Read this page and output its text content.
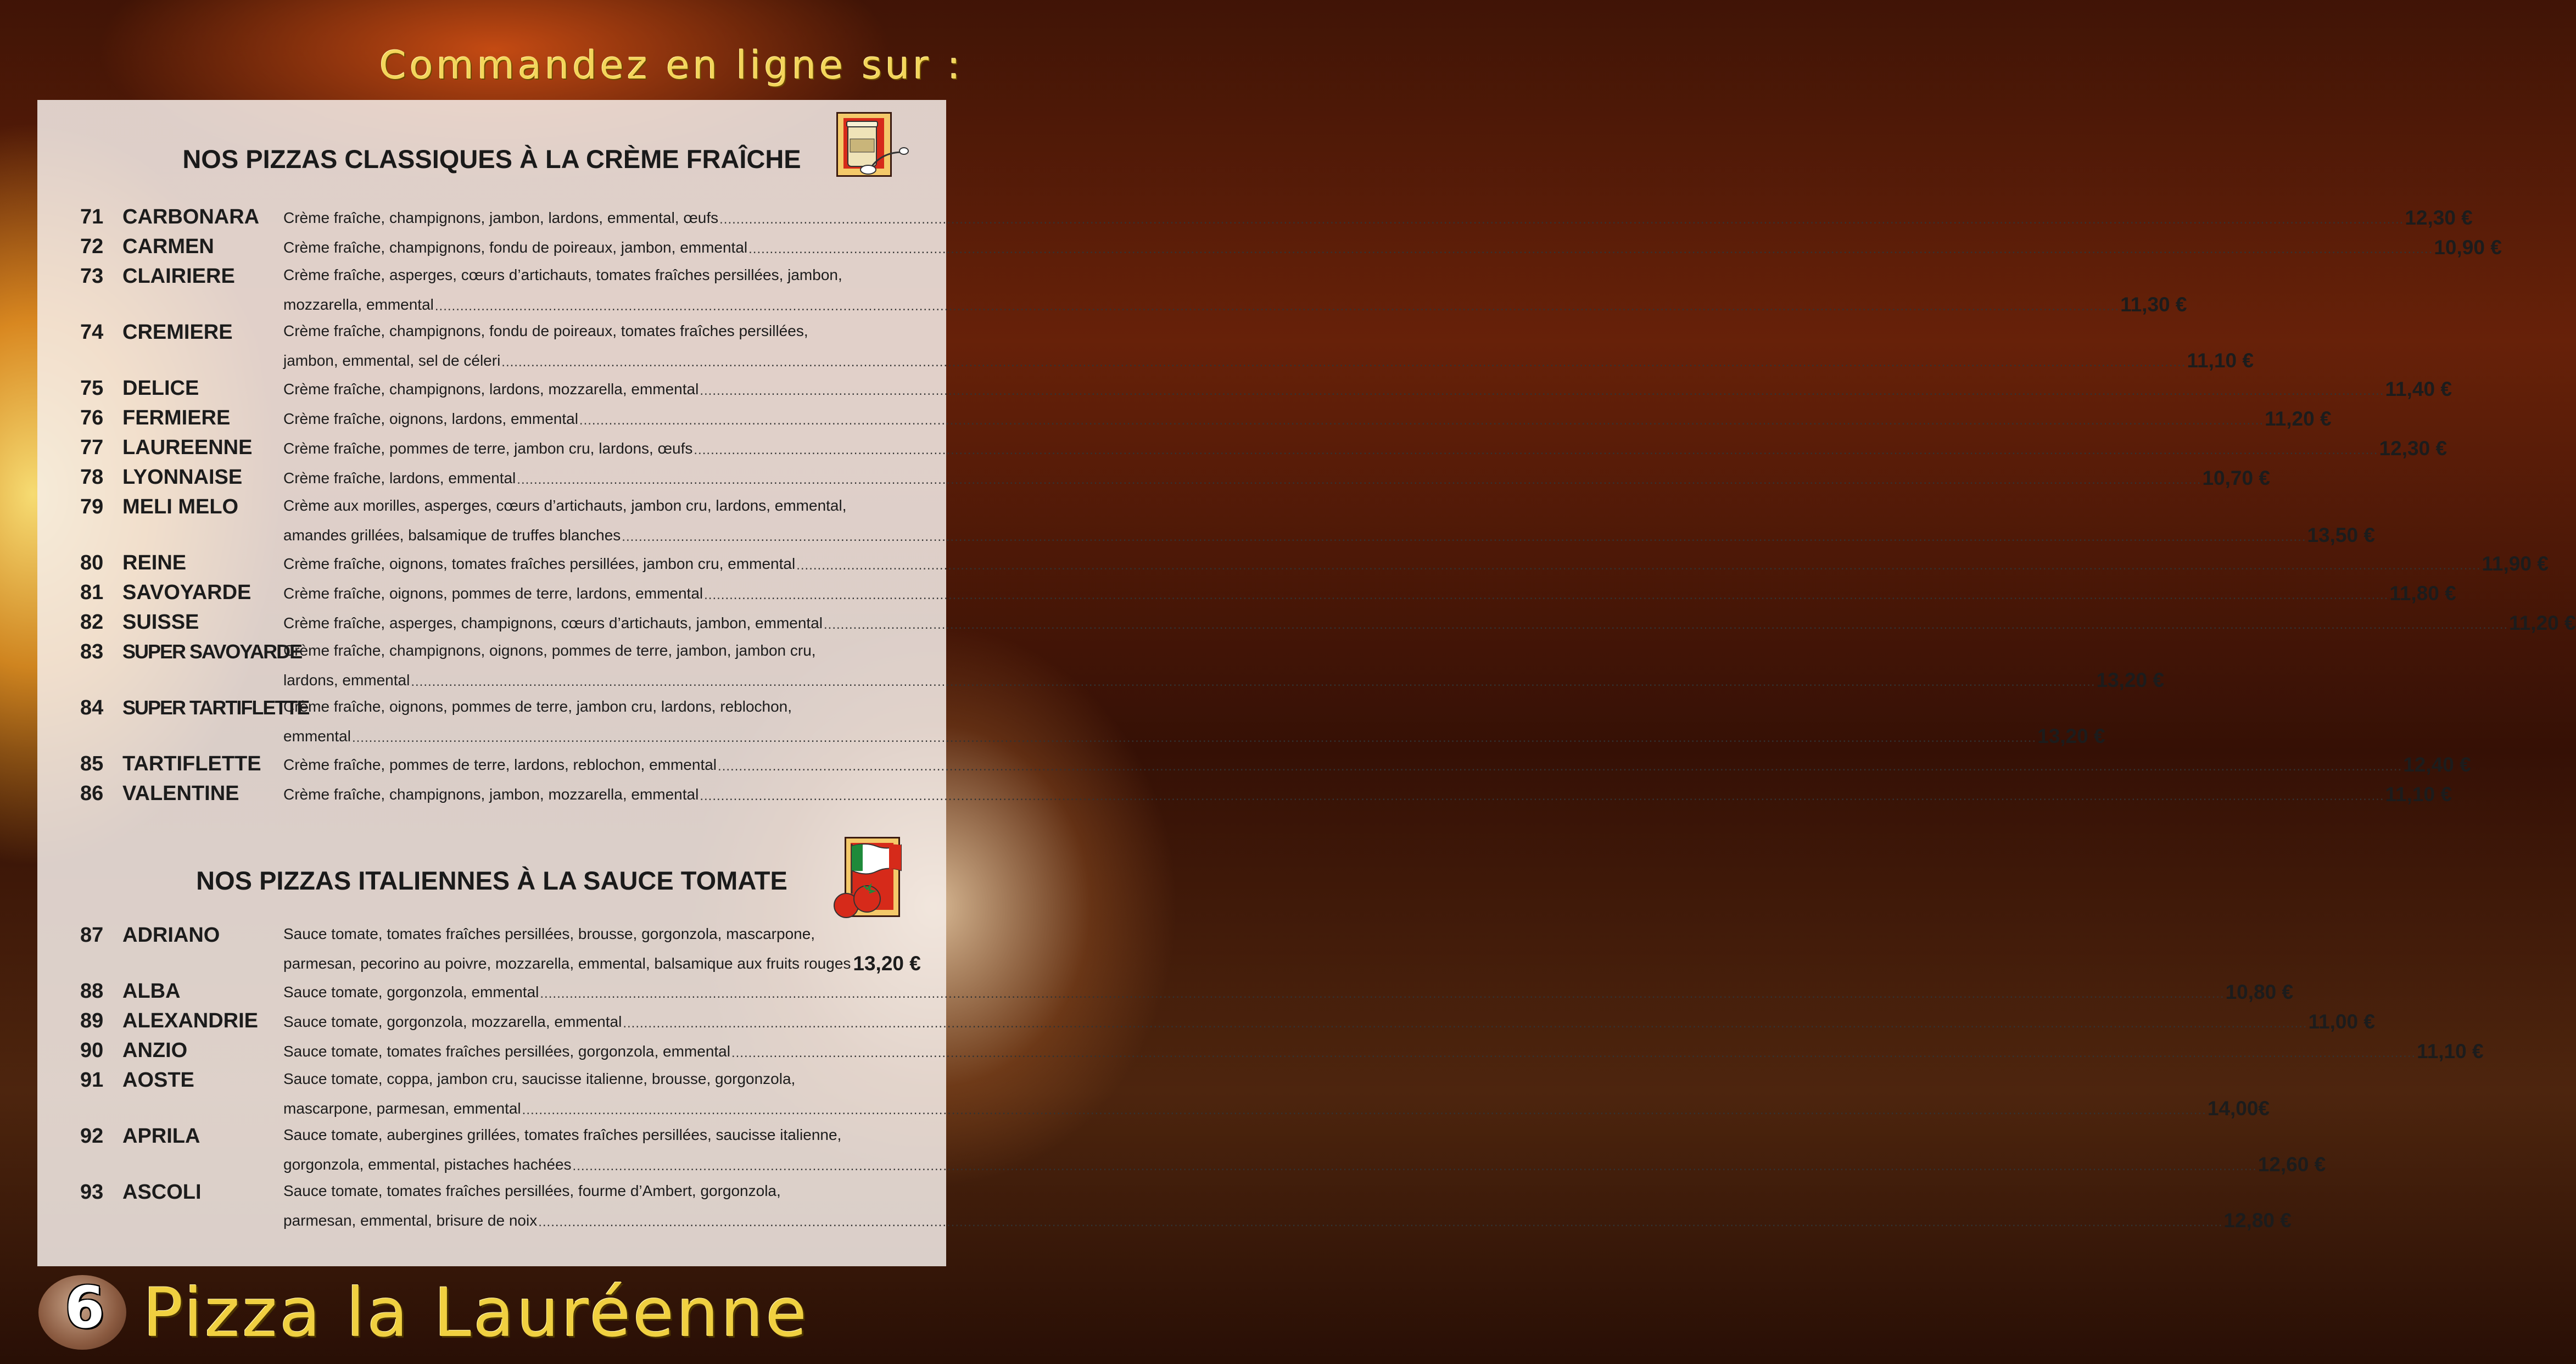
Commandez en ligne sur :
NOS PIZZAS CLASSIQUES À LA CRÈME FRAÎCHE
71 CARBONARA Crème fraîche, champignons, jambon, lardons, emmental, œufs ................................................................................................................................................................................................................................................................................................................................................................................................................ 12,30 €
72 CARMEN	Crème fraîche, champignons, fondu de poireaux, jambon, emmental ................................................................................................................................................................................................................................................................................................................................................................................................................ 10,90 €
73 CLAIRIERE	Crème fraîche, asperges, cœurs d’artichauts, tomates fraîches persillées, jambon,
mozzarella, emmental ................................................................................................................................................................................................................................................................................................................................................................................................................ 11,30 €
74 CREMIERE	Crème fraîche, champignons, fondu de poireaux, tomates fraîches persillées,
jambon, emmental, sel de céleri ................................................................................................................................................................................................................................................................................................................................................................................................................ 11,10 €
75 DELICE	Crème fraîche, champignons, lardons, mozzarella, emmental ................................................................................................................................................................................................................................................................................................................................................................................................................ 11,40 €
76 FERMIERE	Crème fraîche, oignons, lardons, emmental ................................................................................................................................................................................................................................................................................................................................................................................................................ 11,20 €
77 LAUREENNE Crème fraîche, pommes de terre, jambon cru, lardons, œufs ................................................................................................................................................................................................................................................................................................................................................................................................................ 12,30 €
78 LYONNAISE	Crème fraîche, lardons, emmental ................................................................................................................................................................................................................................................................................................................................................................................................................ 10,70 €
79 MELI MELO	Crème aux morilles, asperges, cœurs d’artichauts, jambon cru, lardons, emmental,
amandes grillées, balsamique de truffes blanches ................................................................................................................................................................................................................................................................................................................................................................................................................ 13,50 €
80 REINE	Crème fraîche, oignons, tomates fraîches persillées, jambon cru, emmental ................................................................................................................................................................................................................................................................................................................................................................................................................ 11,90 €
81 SAVOYARDE Crème fraîche, oignons, pommes de terre, lardons, emmental ................................................................................................................................................................................................................................................................................................................................................................................................................ 11,80 €
82 SUISSE	Crème fraîche, asperges, champignons, cœurs d’artichauts, jambon, emmental ................................................................................................................................................................................................................................................................................................................................................................................................................ 11,20 €
83 SUPER SAVOYARDE
Crème fraîche, champignons, oignons, pommes de terre, jambon, jambon cru,
lardons, emmental ................................................................................................................................................................................................................................................................................................................................................................................................................ 13,20 €
84 SUPER TARTIFLETTE
Crème fraîche, oignons, pommes de terre, jambon cru, lardons, reblochon,
emmental ................................................................................................................................................................................................................................................................................................................................................................................................................ 13,20 €
85 TARTIFLETTE Crème fraîche, pommes de terre, lardons, reblochon, emmental ................................................................................................................................................................................................................................................................................................................................................................................................................ 12,40 €
86 VALENTINE	Crème fraîche, champignons, jambon, mozzarella, emmental ................................................................................................................................................................................................................................................................................................................................................................................................................ 11,10 €
NOS PIZZAS ITALIENNES À LA SAUCE TOMATE
87 ADRIANO	Sauce tomate, tomates fraîches persillées, brousse, gorgonzola, mascarpone,
parmesan, pecorino au poivre, mozzarella, emmental, balsamique aux fruits rouges 13,20 €
88 ALBA	Sauce tomate, gorgonzola, emmental ................................................................................................................................................................................................................................................................................................................................................................................................................ 10,80 €
89 ALEXANDRIE Sauce tomate, gorgonzola, mozzarella, emmental ................................................................................................................................................................................................................................................................................................................................................................................................................ 11,00 €
90 ANZIO	Sauce tomate, tomates fraîches persillées, gorgonzola, emmental ................................................................................................................................................................................................................................................................................................................................................................................................................ 11,10 €
91 AOSTE	Sauce tomate, coppa, jambon cru, saucisse italienne, brousse, gorgonzola,
mascarpone, parmesan, emmental ................................................................................................................................................................................................................................................................................................................................................................................................................ 14,00€
92 APRILA	Sauce tomate, aubergines grillées, tomates fraîches persillées, saucisse italienne,
gorgonzola, emmental, pistaches hachées ................................................................................................................................................................................................................................................................................................................................................................................................................ 12,60 €
93 ASCOLI	Sauce tomate, tomates fraîches persillées, fourme d’Ambert, gorgonzola,
parmesan, emmental, brisure de noix ................................................................................................................................................................................................................................................................................................................................................................................................................ 12,80 €
6 Pizza la Lauréenne
